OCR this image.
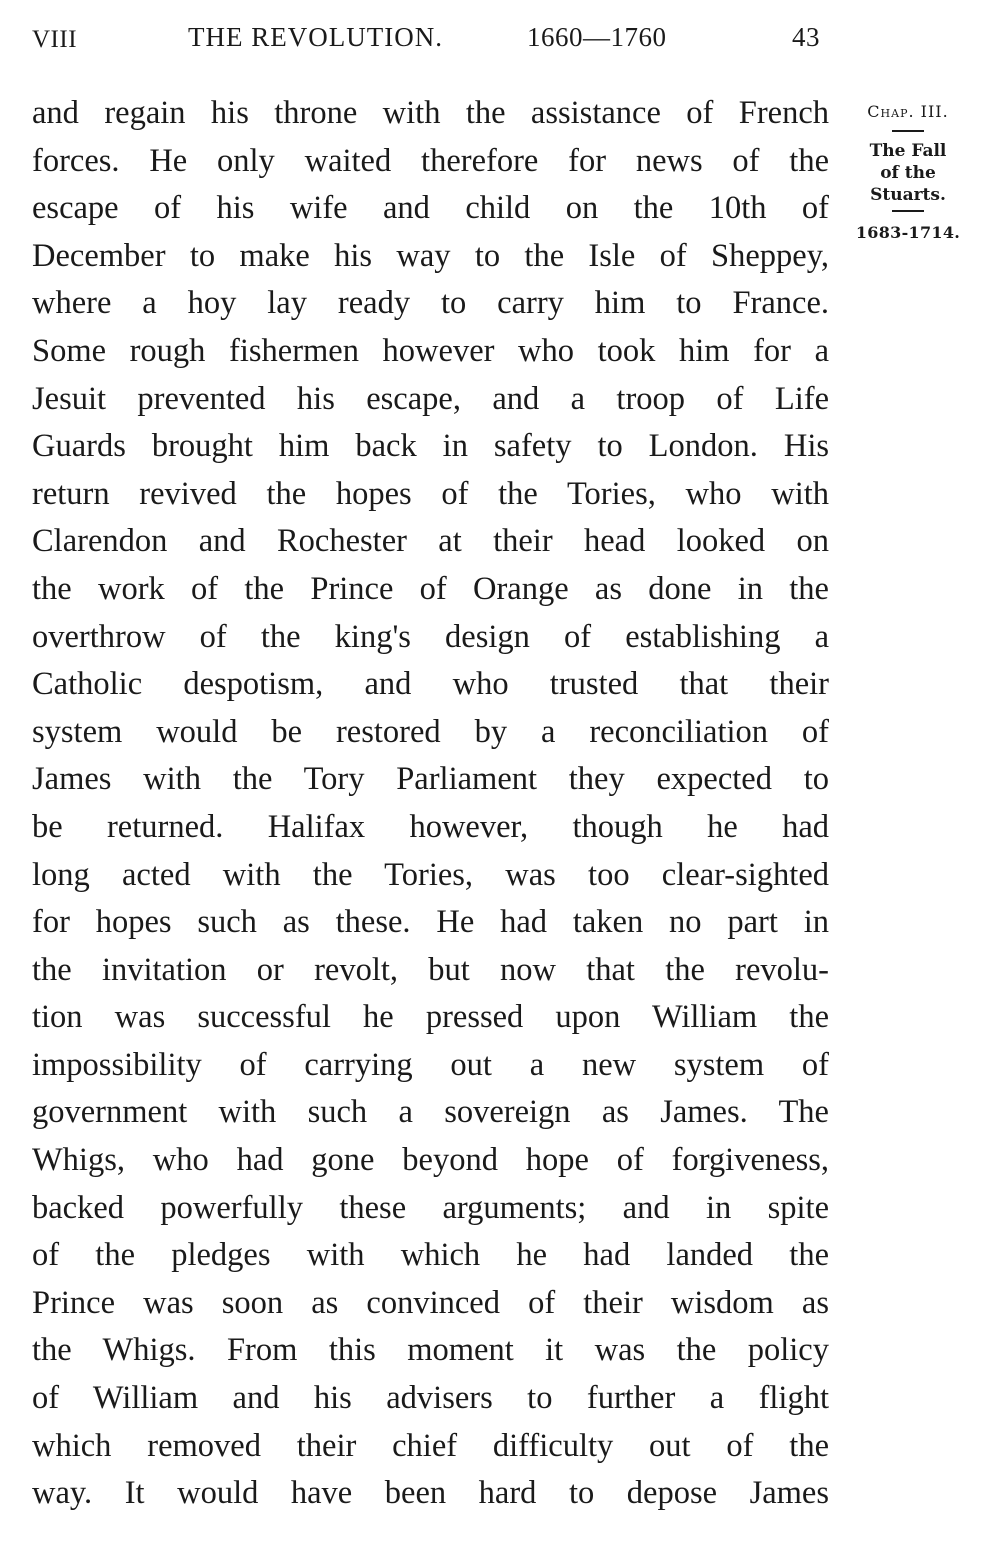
VIII	THE REVOLUTION.	1660—1760	43
and regain his throne with the assistance of French
forces. He only waited therefore for news of the
escape of his wife and child on the 10th of
December to make his way to the Isle of Sheppey,
where a hoy lay ready to carry him to France.
Some rough fishermen however who took him for a
Jesuit prevented his escape, and a troop of Life
Guards brought him back in safety to London. His
return revived the hopes of the Tories, who with
Clarendon and Rochester at their head looked on
the work of the Prince of Orange as done in the
overthrow of the king's design of establishing a
Catholic despotism, and who trusted that their
system would be restored by a reconciliation of
James with the Tory Parliament they expected to
be returned. Halifax however, though he had
long acted with the Tories, was too clear-sighted
for hopes such as these. He had taken no part in
the invitation or revolt, but now that the revolu-
tion was successful he pressed upon William the
impossibility of carrying out a new system of
government with such a sovereign as James. The
Whigs, who had gone beyond hope of forgiveness,
backed powerfully these arguments; and in spite
of the pledges with which he had landed the
Prince was soon as convinced of their wisdom as
the Whigs. From this moment it was the policy
of William and his advisers to further a flight
which removed their chief difficulty out of the
way. It would have been hard to depose James
Chap. III.
The Fall
of the
Stuarts.
1683-1714.
